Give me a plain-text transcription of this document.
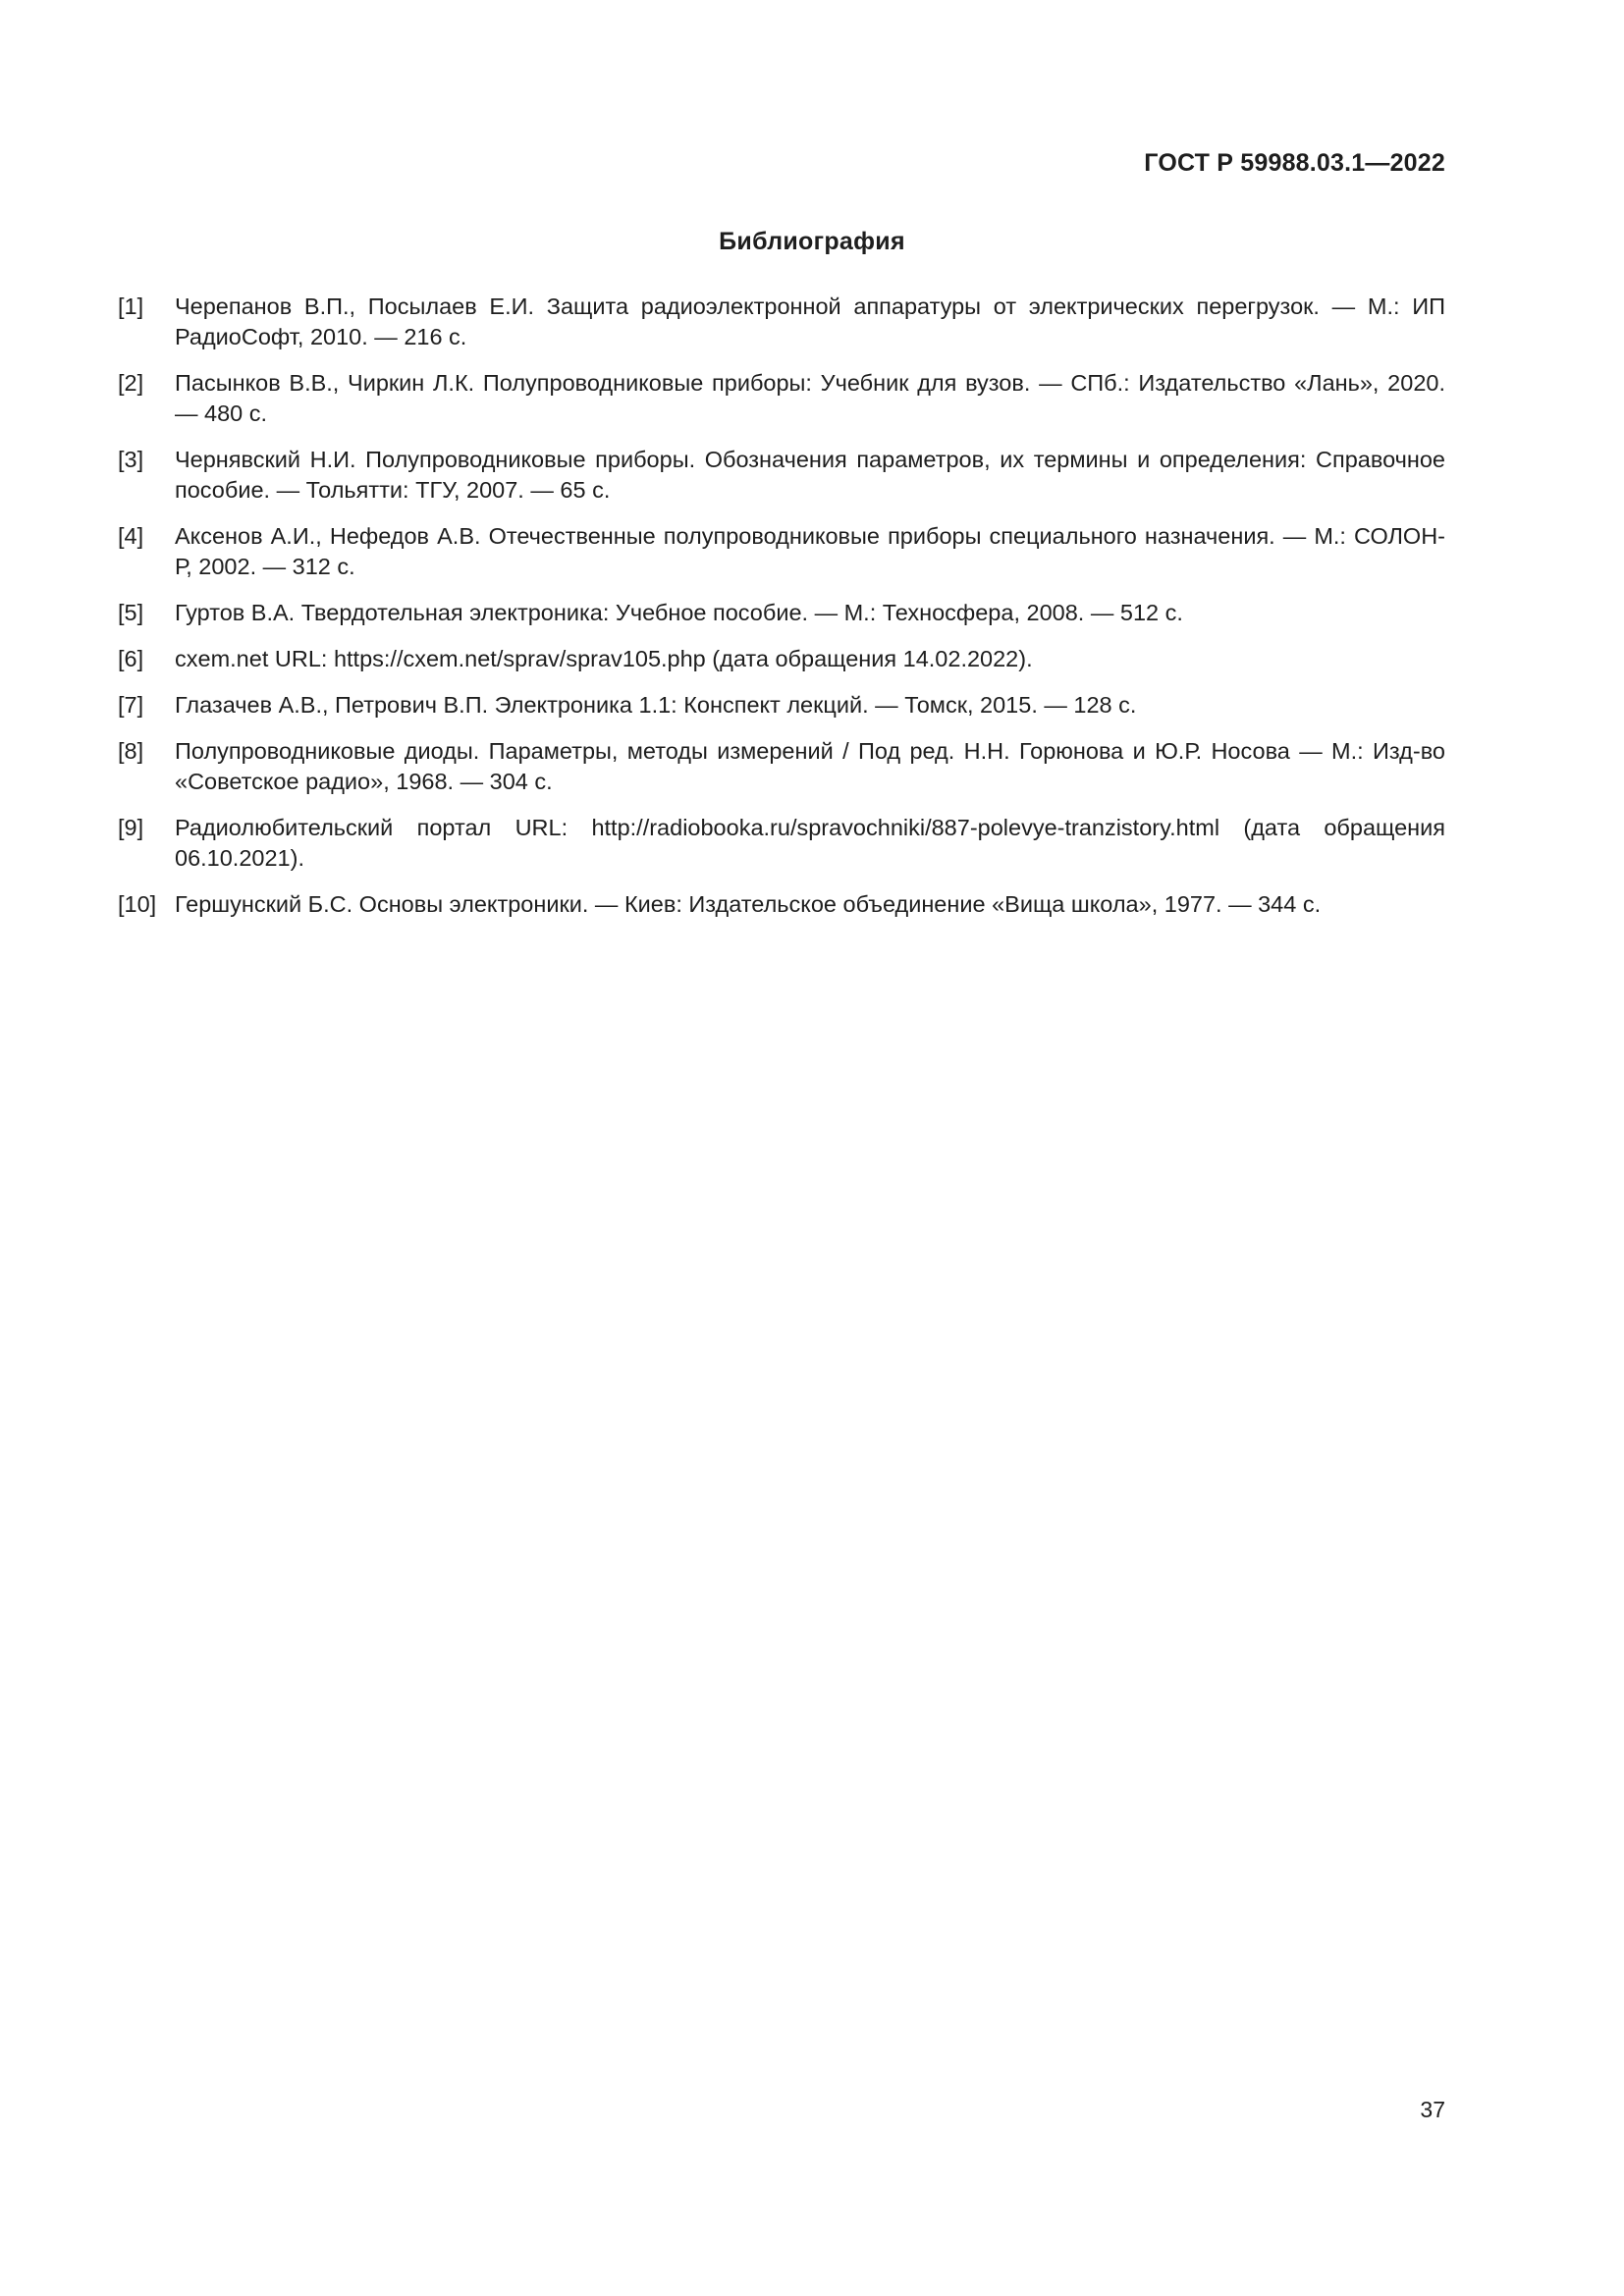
ГОСТ Р 59988.03.1—2022
Библиография
[1] Черепанов В.П., Посылаев Е.И. Защита радиоэлектронной аппаратуры от электрических перегрузок. — М.: ИП РадиоСофт, 2010. — 216 с.
[2] Пасынков В.В., Чиркин Л.К. Полупроводниковые приборы: Учебник для вузов. — СПб.: Издательство «Лань», 2020. — 480 с.
[3] Чернявский Н.И. Полупроводниковые приборы. Обозначения параметров, их термины и определения: Справочное пособие. — Тольятти: ТГУ, 2007. — 65 с.
[4] Аксенов А.И., Нефедов А.В. Отечественные полупроводниковые приборы специального назначения. — М.: СОЛОН-Р, 2002. — 312 с.
[5] Гуртов В.А. Твердотельная электроника: Учебное пособие. — М.: Техносфера, 2008. — 512 с.
[6] cxem.net URL: https://cxem.net/sprav/sprav105.php (дата обращения 14.02.2022).
[7] Глазачев А.В., Петрович В.П. Электроника 1.1: Конспект лекций. — Томск, 2015. — 128 с.
[8] Полупроводниковые диоды. Параметры, методы измерений / Под ред. Н.Н. Горюнова и Ю.Р. Носова — М.: Изд-во «Советское радио», 1968. — 304 с.
[9] Радиолюбительский портал URL: http://radiobooka.ru/spravochniki/887-polevye-tranzistory.html (дата обращения 06.10.2021).
[10] Гершунский Б.С. Основы электроники. — Киев: Издательское объединение «Вища школа», 1977. — 344 с.
37
